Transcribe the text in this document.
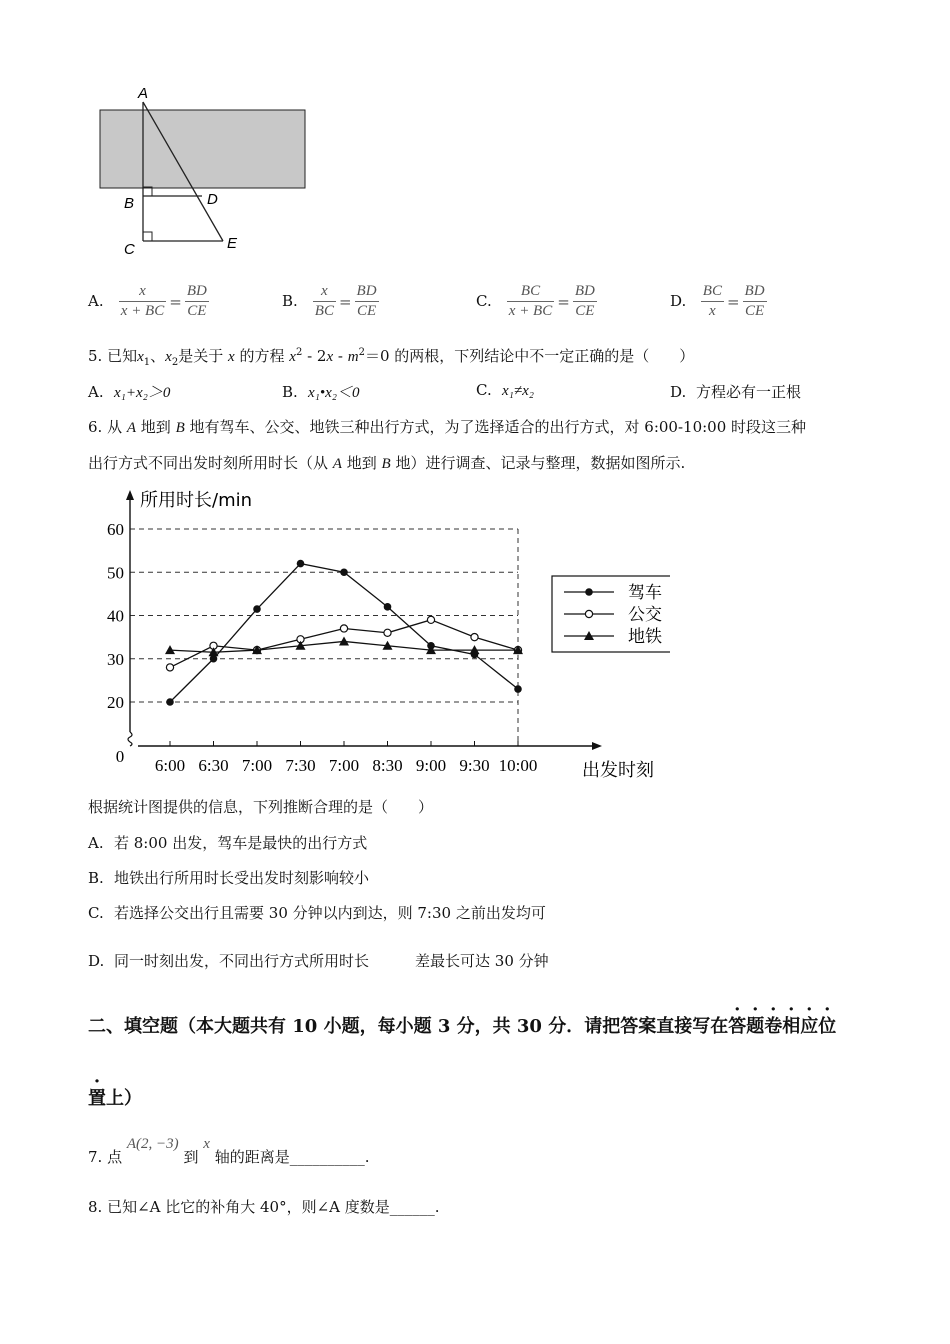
A
B
C
D
E
A. $\frac{x}{x + BC} = \frac{BD}{CE}$	B. $\frac{x}{BC} = \frac{BD}{CE}$	C. $\frac{BC}{x + BC} = \frac{BD}{CE}$	D. $\frac{BC}{x} = \frac{BD}{CE}$
5. 已知$x_1$、$x_2$是关于 x 的方程 $x^2 - 2x - m^2=0$ 的两根，下列结论中不一定正确的是（　　）
A. x₁+x₂＞0	B. x₁•x₂＜0	C. x₁≠x₂	D. 方程必有一正根
6. 从 A 地到 B 地有驾车、公交、地铁三种出行方式，为了选择适合的出行方式，对 6:00-10:00 时段这三种
出行方式不同出发时刻所用时长（从 A 地到 B 地）进行调查、记录与整理，数据如图所示.
20
30
40
50
60
6:00 6:30 7:00 7:30 7:00 8:30 9:00 9:30 10:00
0
所用时长/min
出发时刻
驾车
公交
地铁
根据统计图提供的信息，下列推断合理的是（　　）
A. 若 8:00 出发，驾车是最快的出行方式
B. 地铁出行所用时长受出发时刻影响较小
C. 若选择公交出行且需要 30 分钟以内到达，则 7:30 之前出发均可
D. 同一时刻出发，不同出行方式所用时长	差最长可达 30 分钟
二、填空题（本大题共有 10 小题，每小题 3 分，共 30 分．请把答案直接写在答题卷相应位
置上）
7. 点 A(2, −3) 到 x 轴的距离是__________.
8. 已知∠A 比它的补角大 40°，则∠A 度数是______.
